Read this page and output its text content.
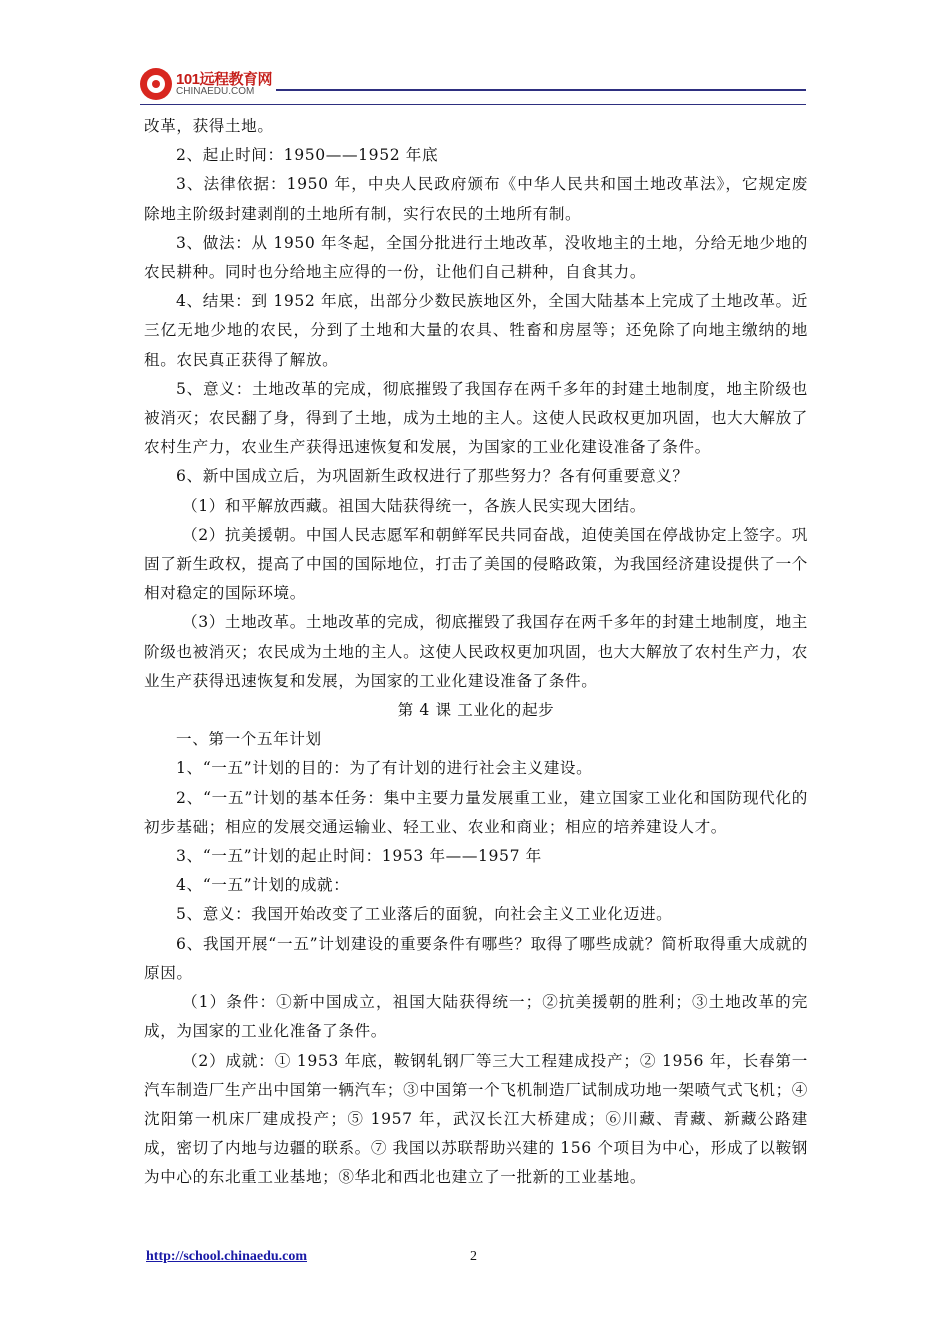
101远程教育网
CHINAEDU.COM

改革，获得土地。

2、起止时间：1950——1952 年底

3、法律依据：1950 年，中央人民政府颁布《中华人民共和国土地改革法》，它规定废除地主阶级封建剥削的土地所有制，实行农民的土地所有制。

3、做法：从 1950 年冬起，全国分批进行土地改革，没收地主的土地，分给无地少地的农民耕种。同时也分给地主应得的一份，让他们自己耕种，自食其力。

4、结果：到 1952 年底，出部分少数民族地区外，全国大陆基本上完成了土地改革。近三亿无地少地的农民，分到了土地和大量的农具、牲畜和房屋等；还免除了向地主缴纳的地租。农民真正获得了解放。

5、意义：土地改革的完成，彻底摧毁了我国存在两千多年的封建土地制度，地主阶级也被消灭；农民翻了身，得到了土地，成为土地的主人。这使人民政权更加巩固，也大大解放了农村生产力，农业生产获得迅速恢复和发展，为国家的工业化建设准备了条件。

6、新中国成立后，为巩固新生政权进行了那些努力？各有何重要意义？

（1）和平解放西藏。祖国大陆获得统一，各族人民实现大团结。

（2）抗美援朝。中国人民志愿军和朝鲜军民共同奋战，迫使美国在停战协定上签字。巩固了新生政权，提高了中国的国际地位，打击了美国的侵略政策，为我国经济建设提供了一个相对稳定的国际环境。

（3）土地改革。土地改革的完成，彻底摧毁了我国存在两千多年的封建土地制度，地主阶级也被消灭；农民成为土地的主人。这使人民政权更加巩固，也大大解放了农村生产力，农业生产获得迅速恢复和发展，为国家的工业化建设准备了条件。

第 4 课 工业化的起步

一、第一个五年计划

1、“一五”计划的目的：为了有计划的进行社会主义建设。

2、“一五”计划的基本任务：集中主要力量发展重工业，建立国家工业化和国防现代化的初步基础；相应的发展交通运输业、轻工业、农业和商业；相应的培养建设人才。

3、“一五”计划的起止时间：1953 年——1957 年

4、“一五”计划的成就：

5、意义：我国开始改变了工业落后的面貌，向社会主义工业化迈进。

6、我国开展“一五”计划建设的重要条件有哪些？取得了哪些成就？简析取得重大成就的原因。

（1）条件：①新中国成立，祖国大陆获得统一；②抗美援朝的胜利；③土地改革的完成，为国家的工业化准备了条件。

（2）成就：① 1953 年底，鞍钢轧钢厂等三大工程建成投产；② 1956 年，长春第一汽车制造厂生产出中国第一辆汽车；③中国第一个飞机制造厂试制成功地一架喷气式飞机；④沈阳第一机床厂建成投产；⑤ 1957 年，武汉长江大桥建成；⑥川藏、青藏、新藏公路建成，密切了内地与边疆的联系。⑦ 我国以苏联帮助兴建的 156 个项目为中心，形成了以鞍钢为中心的东北重工业基地；⑧华北和西北也建立了一批新的工业基地。

http://school.chinaedu.com	2
